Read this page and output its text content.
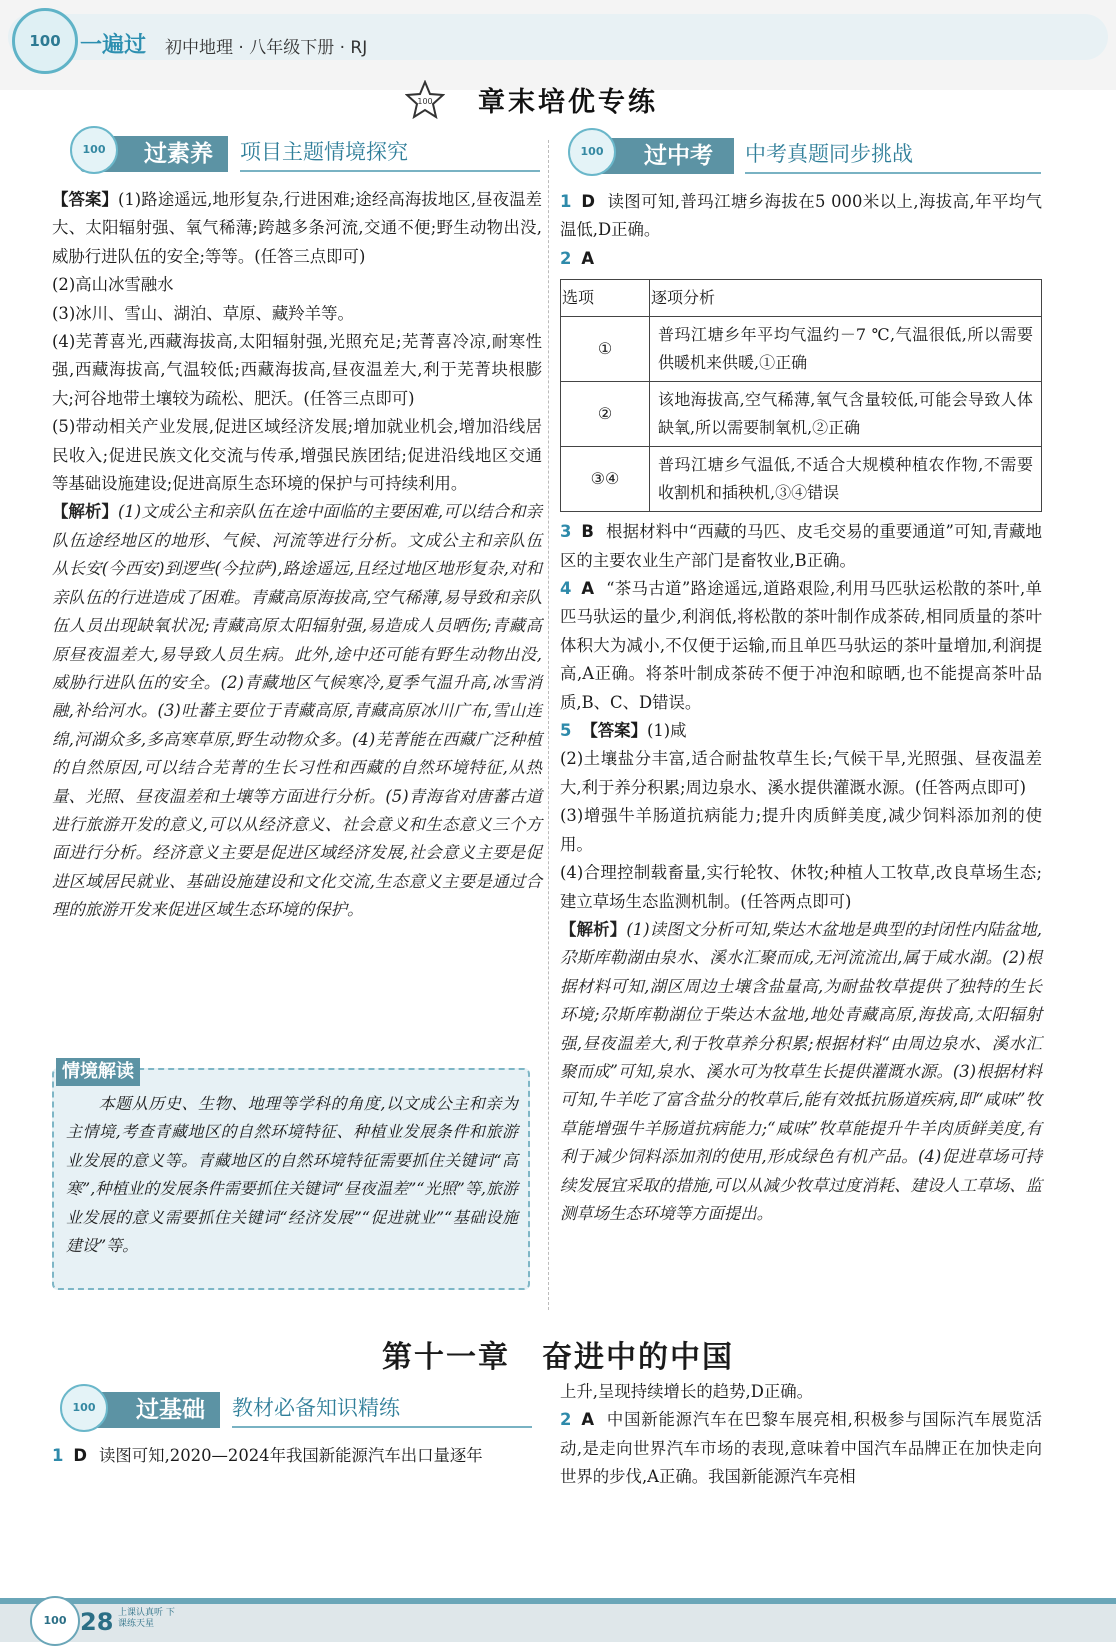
100 一遍过 初中地理 · 八年级下册 · RJ
100	章末培优专练
100	过素养	项目主题情境探究

【答案】(1)路途遥远,地形复杂,行进困难;途经高海拔地区,昼夜温差大、太阳辐射强、氧气稀薄;跨越多条河流,交通不便;野生动物出没,威胁行进队伍的安全;等等。(任答三点即可)

(2)高山冰雪融水

(3)冰川、雪山、湖泊、草原、藏羚羊等。

(4)芜菁喜光,西藏海拔高,太阳辐射强,光照充足;芜菁喜冷凉,耐寒性强,西藏海拔高,气温较低;西藏海拔高,昼夜温差大,利于芜菁块根膨大;河谷地带土壤较为疏松、肥沃。(任答三点即可)

(5)带动相关产业发展,促进区域经济发展;增加就业机会,增加沿线居民收入;促进民族文化交流与传承,增强民族团结;促进沿线地区交通等基础设施建设;促进高原生态环境的保护与可持续利用。

【解析】(1)文成公主和亲队伍在途中面临的主要困难,可以结合和亲队伍途经地区的地形、气候、河流等进行分析。文成公主和亲队伍从长安(今西安)到逻些(今拉萨),路途遥远,且经过地区地形复杂,对和亲队伍的行进造成了困难。青藏高原海拔高,空气稀薄,易导致和亲队伍人员出现缺氧状况;青藏高原太阳辐射强,易造成人员晒伤;青藏高原昼夜温差大,易导致人员生病。此外,途中还可能有野生动物出没,威胁行进队伍的安全。(2)青藏地区气候寒冷,夏季气温升高,冰雪消融,补给河水。(3)吐蕃主要位于青藏高原,青藏高原冰川广布,雪山连绵,河湖众多,多高寒草原,野生动物众多。(4)芜菁能在西藏广泛种植的自然原因,可以结合芜菁的生长习性和西藏的自然环境特征,从热量、光照、昼夜温差和土壤等方面进行分析。(5)青海省对唐蕃古道进行旅游开发的意义,可以从经济意义、社会意义和生态意义三个方面进行分析。经济意义主要是促进区域经济发展,社会意义主要是促进区域居民就业、基础设施建设和文化交流,生态意义主要是通过合理的旅游开发来促进区域生态环境的保护。

情境解读
本题从历史、生物、地理等学科的角度,以文成公主和亲为主情境,考查青藏地区的自然环境特征、种植业发展条件和旅游业发展的意义等。青藏地区的自然环境特征需要抓住关键词“高寒”,种植业的发展条件需要抓住关键词“昼夜温差”“光照”等,旅游业发展的意义需要抓住关键词“经济发展”“促进就业”“基础设施建设”等。
100	过中考	中考真题同步挑战

1 D 读图可知,普玛江塘乡海拔在5 000米以上,海拔高,年平均气温低,D正确。

2 A

选项	逐项分析
①	普玛江塘乡年平均气温约－7 ℃,气温很低,所以需要供暖机来供暖,①正确
②	该地海拔高,空气稀薄,氧气含量较低,可能会导致人体缺氧,所以需要制氧机,②正确
③④	普玛江塘乡气温低,不适合大规模种植农作物,不需要收割机和插秧机,③④错误

3 B 根据材料中“西藏的马匹、皮毛交易的重要通道”可知,青藏地区的主要农业生产部门是畜牧业,B正确。

4 A “茶马古道”路途遥远,道路艰险,利用马匹驮运松散的茶叶,单匹马驮运的量少,利润低,将松散的茶叶制作成茶砖,相同质量的茶叶体积大为减小,不仅便于运输,而且单匹马驮运的茶叶量增加,利润提高,A正确。将茶叶制成茶砖不便于冲泡和晾晒,也不能提高茶叶品质,B、C、D错误。

5 【答案】(1)咸

(2)土壤盐分丰富,适合耐盐牧草生长;气候干旱,光照强、昼夜温差大,利于养分积累;周边泉水、溪水提供灌溉水源。(任答两点即可)

(3)增强牛羊肠道抗病能力;提升肉质鲜美度,减少饲料添加剂的使用。

(4)合理控制载畜量,实行轮牧、休牧;种植人工牧草,改良草场生态;建立草场生态监测机制。(任答两点即可)

【解析】(1)读图文分析可知,柴达木盆地是典型的封闭性内陆盆地,尕斯库勒湖由泉水、溪水汇聚而成,无河流流出,属于咸水湖。(2)根据材料可知,湖区周边土壤含盐量高,为耐盐牧草提供了独特的生长环境;尕斯库勒湖位于柴达木盆地,地处青藏高原,海拔高,太阳辐射强,昼夜温差大,利于牧草养分积累;根据材料“由周边泉水、溪水汇聚而成”可知,泉水、溪水可为牧草生长提供灌溉水源。(3)根据材料可知,牛羊吃了富含盐分的牧草后,能有效抵抗肠道疾病,即“咸味”牧草能增强牛羊肠道抗病能力;“咸味”牧草能提升牛羊肉质鲜美度,有利于减少饲料添加剂的使用,形成绿色有机产品。(4)促进草场可持续发展宜采取的措施,可以从减少牧草过度消耗、建设人工草场、监测草场生态环境等方面提出。

第十一章　奋进中的中国
100	过基础	教材必备知识精练

1 D 读图可知,2020—2024年我国新能源汽车出口量逐年

上升,呈现持续增长的趋势,D正确。

2 A 中国新能源汽车在巴黎车展亮相,积极参与国际汽车展览活动,是走向世界汽车市场的表现,意味着中国汽车品牌正在加快走向世界的步伐,A正确。我国新能源汽车亮相

100 28 上课认真听 下课练天星
